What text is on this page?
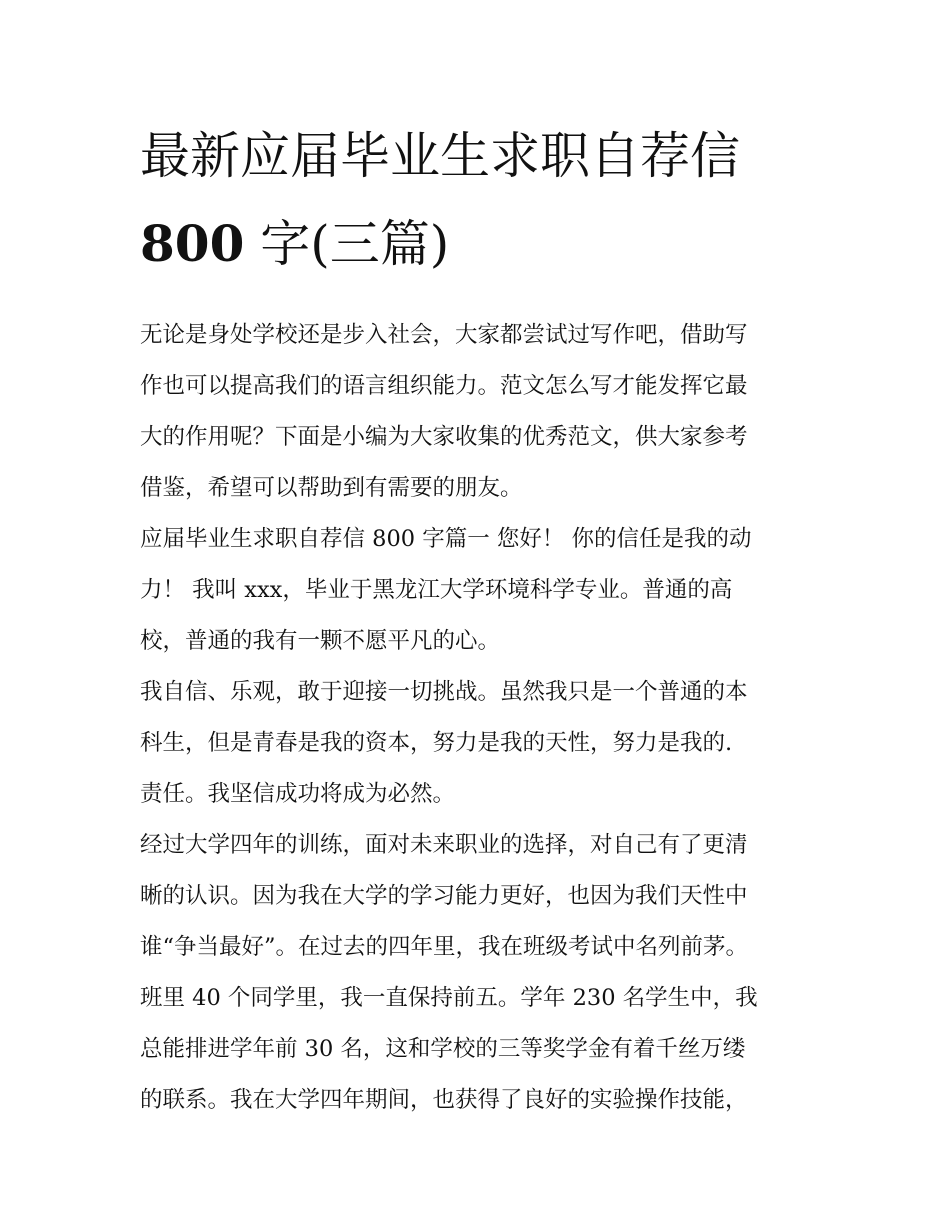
最新应届毕业生求职自荐信
800 字(三篇)
无论是身处学校还是步入社会，大家都尝试过写作吧，借助写
作也可以提高我们的语言组织能力。范文怎么写才能发挥它最
大的作用呢？下面是小编为大家收集的优秀范文，供大家参考
借鉴，希望可以帮助到有需要的朋友。
应届毕业生求职自荐信 800 字篇一 您好！ 你的信任是我的动
力！ 我叫 xxx，毕业于黑龙江大学环境科学专业。普通的高
校，普通的我有一颗不愿平凡的心。
我自信、乐观，敢于迎接一切挑战。虽然我只是一个普通的本
科生，但是青春是我的资本，努力是我的天性，努力是我的.
责任。我坚信成功将成为必然。
经过大学四年的训练，面对未来职业的选择，对自己有了更清
晰的认识。因为我在大学的学习能力更好，也因为我们天性中
谁“争当最好”。在过去的四年里，我在班级考试中名列前茅。
班里 40 个同学里，我一直保持前五。学年 230 名学生中，我
总能排进学年前 30 名，这和学校的三等奖学金有着千丝万缕
的联系。我在大学四年期间，也获得了良好的实验操作技能，
